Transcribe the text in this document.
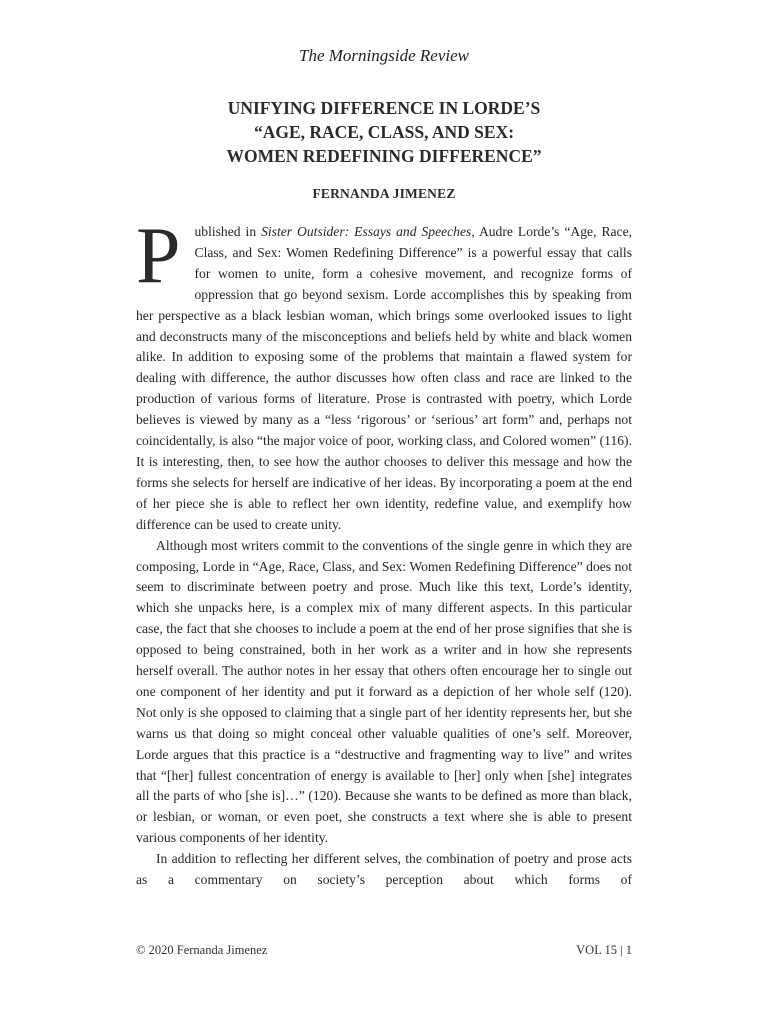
The Morningside Review
UNIFYING DIFFERENCE IN LORDE’S
“AGE, RACE, CLASS, AND SEX:
WOMEN REDEFINING DIFFERENCE”
FERNANDA JIMENEZ

P ublished in Sister Outsider: Essays and Speeches, Audre Lorde’s “Age, Race, Class, and Sex: Women Redefining Difference” is a powerful essay that calls for women to unite, form a cohesive movement, and recognize forms of oppression that go beyond sexism. Lorde accomplishes this by speaking from her perspective as a black lesbian woman, which brings some overlooked issues to light and deconstructs many of the misconceptions and beliefs held by white and black women alike. In addition to exposing some of the problems that maintain a flawed system for dealing with difference, the author discusses how often class and race are linked to the production of various forms of literature. Prose is contrasted with poetry, which Lorde believes is viewed by many as a “less ‘rigorous’ or ‘serious’ art form” and, perhaps not coincidentally, is also “the major voice of poor, working class, and Colored women” (116). It is interesting, then, to see how the author chooses to deliver this message and how the forms she selects for herself are indicative of her ideas. By incorporating a poem at the end of her piece she is able to reflect her own identity, redefine value, and exemplify how difference can be used to create unity.

Although most writers commit to the conventions of the single genre in which they are composing, Lorde in “Age, Race, Class, and Sex: Women Redefining Difference” does not seem to discriminate between poetry and prose. Much like this text, Lorde’s identity, which she unpacks here, is a complex mix of many different aspects. In this particular case, the fact that she chooses to include a poem at the end of her prose signifies that she is opposed to being constrained, both in her work as a writer and in how she represents herself overall. The author notes in her essay that others often encourage her to single out one component of her identity and put it forward as a depiction of her whole self (120). Not only is she opposed to claiming that a single part of her identity represents her, but she warns us that doing so might conceal other valuable qualities of one’s self. Moreover, Lorde argues that this practice is a “destructive and fragmenting way to live” and writes that “[her] fullest concentration of energy is available to [her] only when [she] integrates all the parts of who [she is]…” (120). Because she wants to be defined as more than black, or lesbian, or woman, or even poet, she constructs a text where she is able to present various components of her identity.

In addition to reflecting her different selves, the combination of poetry and prose acts as a commentary on society’s perception about which forms of

© 2020 Fernanda Jimenez	VOL 15 | 1
